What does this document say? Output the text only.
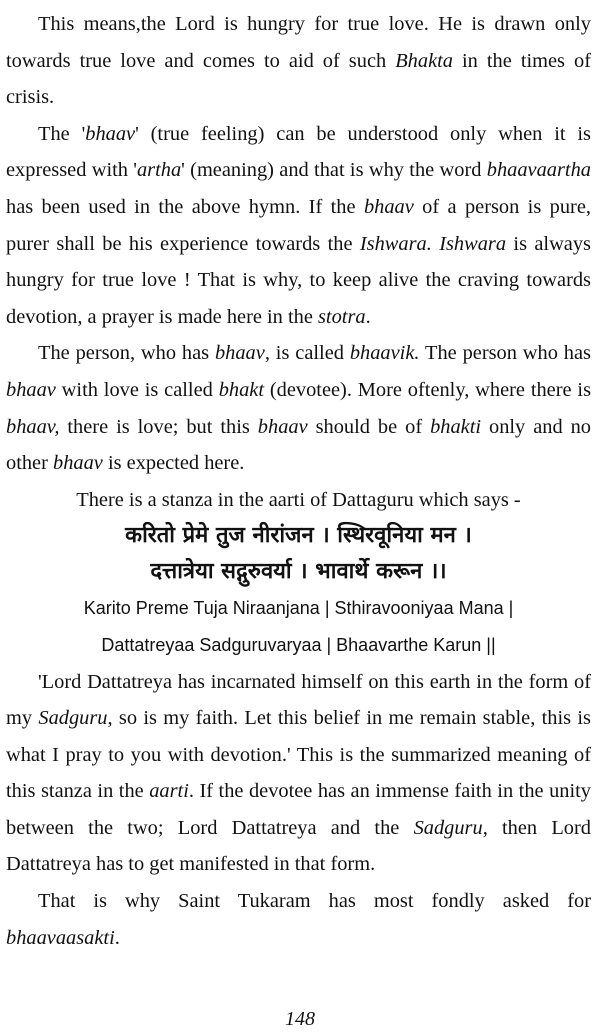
This means,the Lord is hungry for true love. He is drawn only towards true love and comes to aid of such Bhakta in the times of crisis.

The 'bhaav' (true feeling) can be understood only when it is expressed with 'artha' (meaning) and that is why the word bhaavaartha has been used in the above hymn. If the bhaav of a person is pure, purer shall be his experience towards the Ishwara. Ishwara is always hungry for true love ! That is why, to keep alive the craving towards devotion, a prayer is made here in the stotra.

The person, who has bhaav, is called bhaavik. The person who has bhaav with love is called bhakt (devotee). More oftenly, where there is bhaav, there is love; but this bhaav should be of bhakti only and no other bhaav is expected here.

There is a stanza in the aarti of Dattaguru which says -

करितो प्रेमे तुज नीरांजन । स्थिरवूनिया मन ।

दत्तात्रेया सद्गुरुवर्या । भावार्थे करून ।।

Karito Preme Tuja Niraanjana | Sthiravooniyaa Mana |

Dattatreyaa Sadguruvaryaa | Bhaavarthe Karun ||

'Lord Dattatreya has incarnated himself on this earth in the form of my Sadguru, so is my faith. Let this belief in me remain stable, this is what I pray to you with devotion.' This is the summarized meaning of this stanza in the aarti. If the devotee has an immense faith in the unity between the two; Lord Dattatreya and the Sadguru, then Lord Dattatreya has to get manifested in that form.

That is why Saint Tukaram has most fondly asked for bhaavaasakti.

148
